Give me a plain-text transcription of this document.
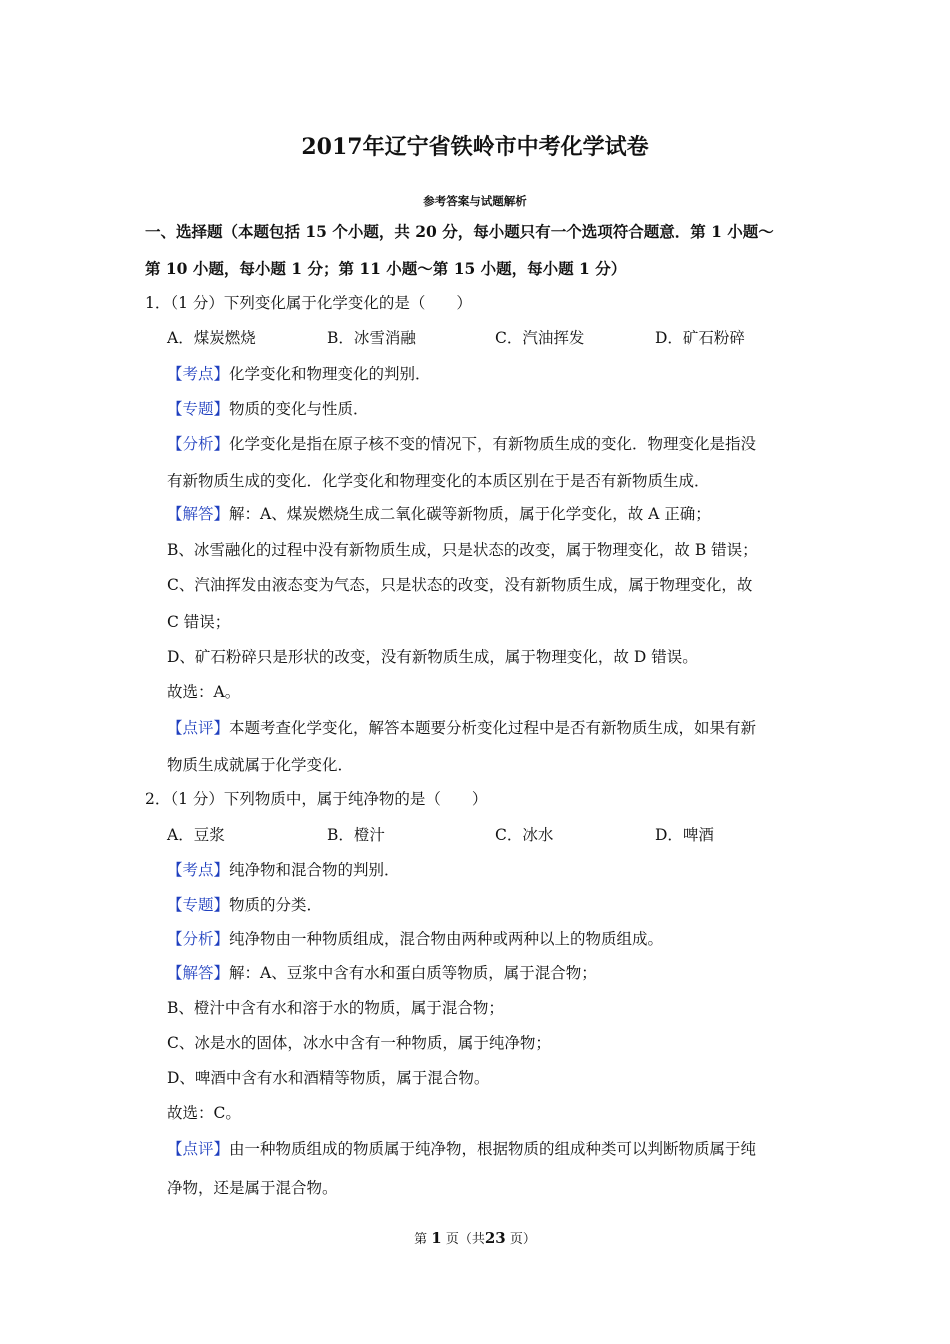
2017年辽宁省铁岭市中考化学试卷
参考答案与试题解析
一、选择题（本题包括 15 个小题，共 20 分，每小题只有一个选项符合题意．第 1 小题～
第 10 小题，每小题 1 分；第 11 小题～第 15 小题，每小题 1 分）
1．（1 分）下列变化属于化学变化的是（　　）
A．煤炭燃烧	B．冰雪消融	C．汽油挥发	D．矿石粉碎
【考点】化学变化和物理变化的判别．
【专题】物质的变化与性质．
【分析】化学变化是指在原子核不变的情况下，有新物质生成的变化．物理变化是指没
有新物质生成的变化．化学变化和物理变化的本质区别在于是否有新物质生成．
【解答】解：A、煤炭燃烧生成二氧化碳等新物质，属于化学变化，故 A 正确；
B、冰雪融化的过程中没有新物质生成，只是状态的改变，属于物理变化，故 B 错误；
C、汽油挥发由液态变为气态，只是状态的改变，没有新物质生成，属于物理变化，故
C 错误；
D、矿石粉碎只是形状的改变，没有新物质生成，属于物理变化，故 D 错误。
故选：A。
【点评】本题考查化学变化，解答本题要分析变化过程中是否有新物质生成，如果有新
物质生成就属于化学变化．
2．（1 分）下列物质中，属于纯净物的是（　　）
A．豆浆	B．橙汁	C．冰水	D．啤酒
【考点】纯净物和混合物的判别．
【专题】物质的分类．
【分析】纯净物由一种物质组成，混合物由两种或两种以上的物质组成。
【解答】解：A、豆浆中含有水和蛋白质等物质，属于混合物；
B、橙汁中含有水和溶于水的物质，属于混合物；
C、冰是水的固体，冰水中含有一种物质，属于纯净物；
D、啤酒中含有水和酒精等物质，属于混合物。
故选：C。
【点评】由一种物质组成的物质属于纯净物，根据物质的组成种类可以判断物质属于纯
净物，还是属于混合物。
第 1 页（共23 页）
